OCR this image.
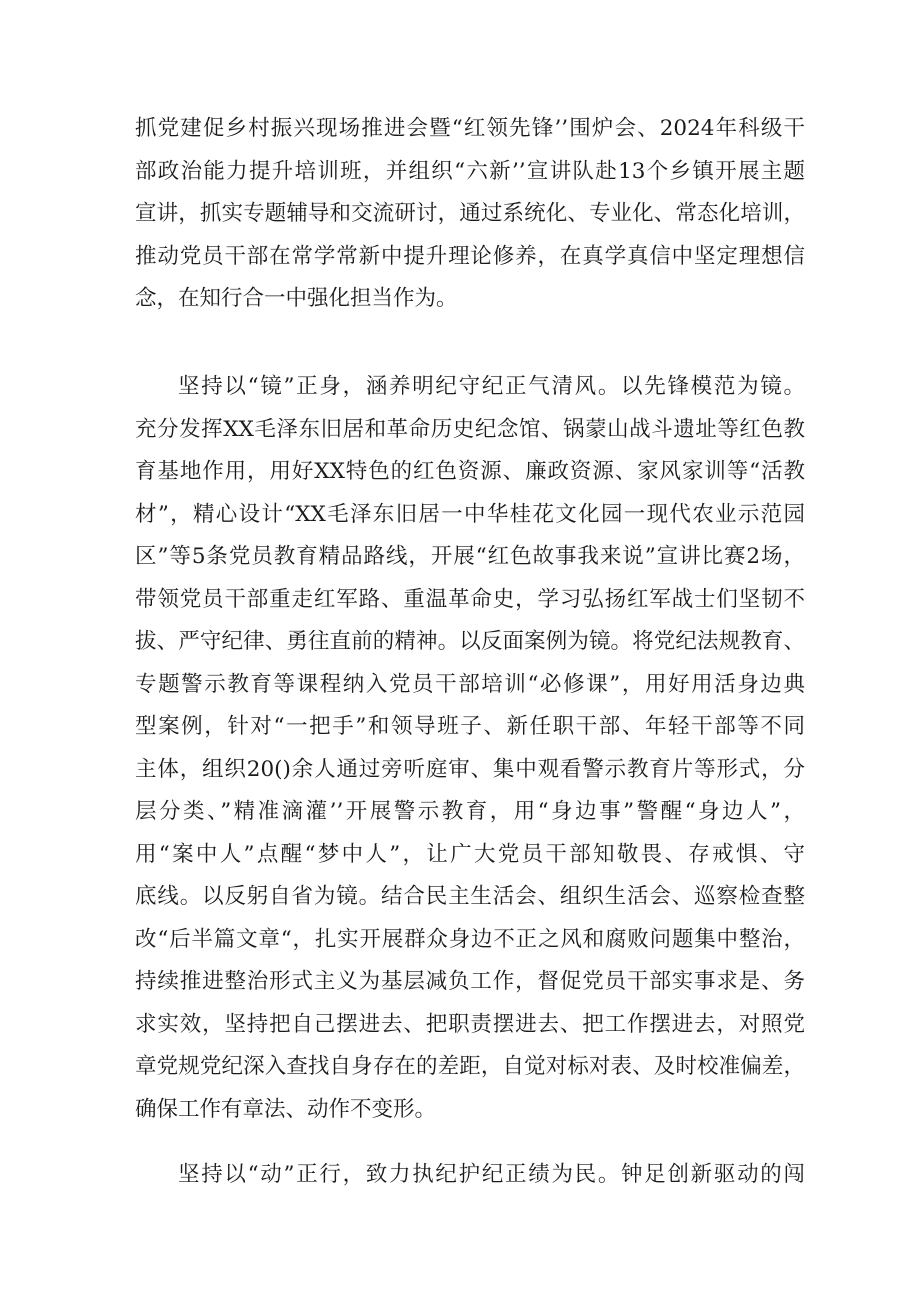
抓党建促乡村振兴现场推进会暨“红领先锋’’围炉会、2024年科级干
部政治能力提升培训班，并组织“六新’’宣讲队赴13个乡镇开展主题
宣讲，抓实专题辅导和交流研讨，通过系统化、专业化、常态化培训，
推动党员干部在常学常新中提升理论修养，在真学真信中坚定理想信
念，在知行合一中强化担当作为。
坚持以“镜”正身，涵养明纪守纪正气清风。以先锋模范为镜。
充分发挥XX毛泽东旧居和革命历史纪念馆、锅蒙山战斗遗址等红色教
育基地作用，用好XX特色的红色资源、廉政资源、家风家训等“活教
材”，精心设计“XX毛泽东旧居一中华桂花文化园一现代农业示范园
区”等5条党员教育精品路线，开展“红色故事我来说”宣讲比赛2场，
带领党员干部重走红军路、重温革命史，学习弘扬红军战士们坚韧不
拔、严守纪律、勇往直前的精神。以反面案例为镜。将党纪法规教育、
专题警示教育等课程纳入党员干部培训“必修课”，用好用活身边典
型案例，针对“一把手”和领导班子、新任职干部、年轻干部等不同
主体，组织20()余人通过旁听庭审、集中观看警示教育片等形式，分
层分类、”精准滴灌’’开展警示教育，用“身边事”警醒“身边人”，
用“案中人”点醒“梦中人”，让广大党员干部知敬畏、存戒惧、守
底线。以反躬自省为镜。结合民主生活会、组织生活会、巡察检查整
改“后半篇文章“，扎实开展群众身边不正之风和腐败问题集中整治，
持续推进整治形式主义为基层减负工作，督促党员干部实事求是、务
求实效，坚持把自己摆进去、把职责摆进去、把工作摆进去，对照党
章党规党纪深入查找自身存在的差距，自觉对标对表、及时校准偏差，
确保工作有章法、动作不变形。
坚持以“动”正行，致力执纪护纪正绩为民。钟足创新驱动的闯
